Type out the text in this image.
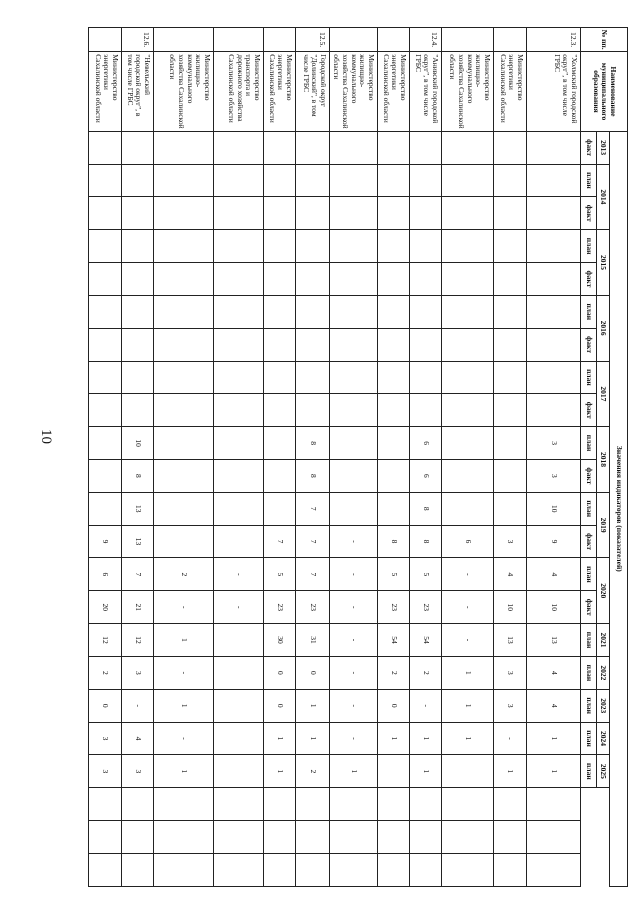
10
№ пп.	Наименование муниципального образования	Значения индикаторов (показателей)																						
		2013	2014		2015		2016		2017		2018		2019		2020		2021	2022	2023	2024	2025			
		факт	план	факт	план	факт	план	факт	план	факт	план	факт	план	факт	план	факт	план	план	план	план	план			
12.3.	"Холмский городской округ", в том числе ГРБС										3	3	10	9	4	10	13	4	4	1	1			
	Министерство энергетики Сахалинской области													3	4	10	13	3	3	-	1			
	Министерство жилищно-коммунального хозяйства Сахалинской области													6	-	-	-	1	1	1				
12.4.	"Анивский городской округ", в том числе ГРБС										6	6	8	8	5	23	54	2	-	1	1			
	Министерство энергетики Сахалинской области													8	5	23	54	2	0	1				
	Министерство жилищно-коммунального хозяйства Сахалинской области													-	-	-	-	-	-	-	1			
12.5.	Городской округ "Долинский", в том числе ГРБС										8	8	7	7	7	23	31	0	1	1	2			
	Министерство энергетики Сахалинской области													7	5	23	30	0	0	1	1			
	Министерство транспорта и дорожного хозяйства Сахалинской области														-	-								
	Министерство жилищно-коммунального хозяйства Сахалинской области														2	-	1	-	1	-	1			
12.6.	"Невельский городской округ", в том числе ГРБС										10	8	13	13	7	21	12	3	-	4	3			
	Министерство энергетики Сахалинской области													9	6	20	12	2	0	3	3			
